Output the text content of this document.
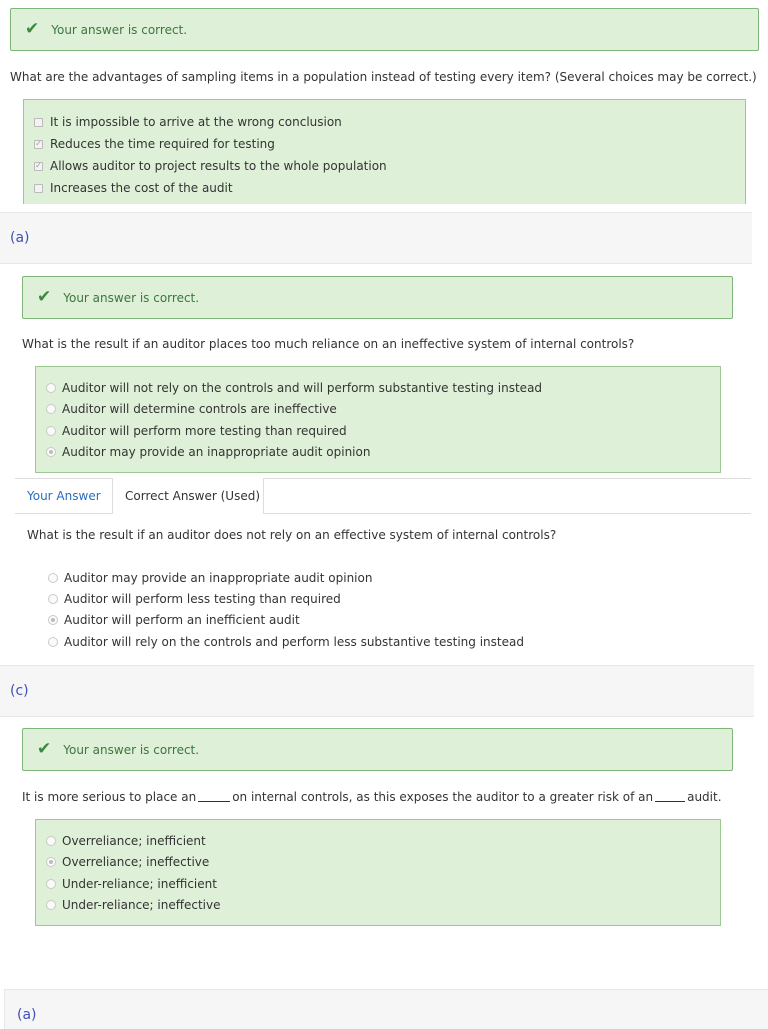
✔ Your answer is correct.
What are the advantages of sampling items in a population instead of testing every item? (Several choices may be correct.)
It is impossible to arrive at the wrong conclusion
✓ Reduces the time required for testing
✓ Allows auditor to project results to the whole population
Increases the cost of the audit
(a)
✔ Your answer is correct.
What is the result if an auditor places too much reliance on an ineffective system of internal controls?
Auditor will not rely on the controls and will perform substantive testing instead
Auditor will determine controls are ineffective
Auditor will perform more testing than required
Auditor may provide an inappropriate audit opinion
Your Answer Correct Answer (Used)
What is the result if an auditor does not rely on an effective system of internal controls?
Auditor may provide an inappropriate audit opinion
Auditor will perform less testing than required
Auditor will perform an inefficient audit
Auditor will rely on the controls and perform less substantive testing instead
(c)
✔ Your answer is correct.
It is more serious to place an	on internal controls, as this exposes the auditor to a greater risk of an	audit.
Overreliance; inefficient
Overreliance; ineffective
Under-reliance; inefficient
Under-reliance; ineffective
(a)
